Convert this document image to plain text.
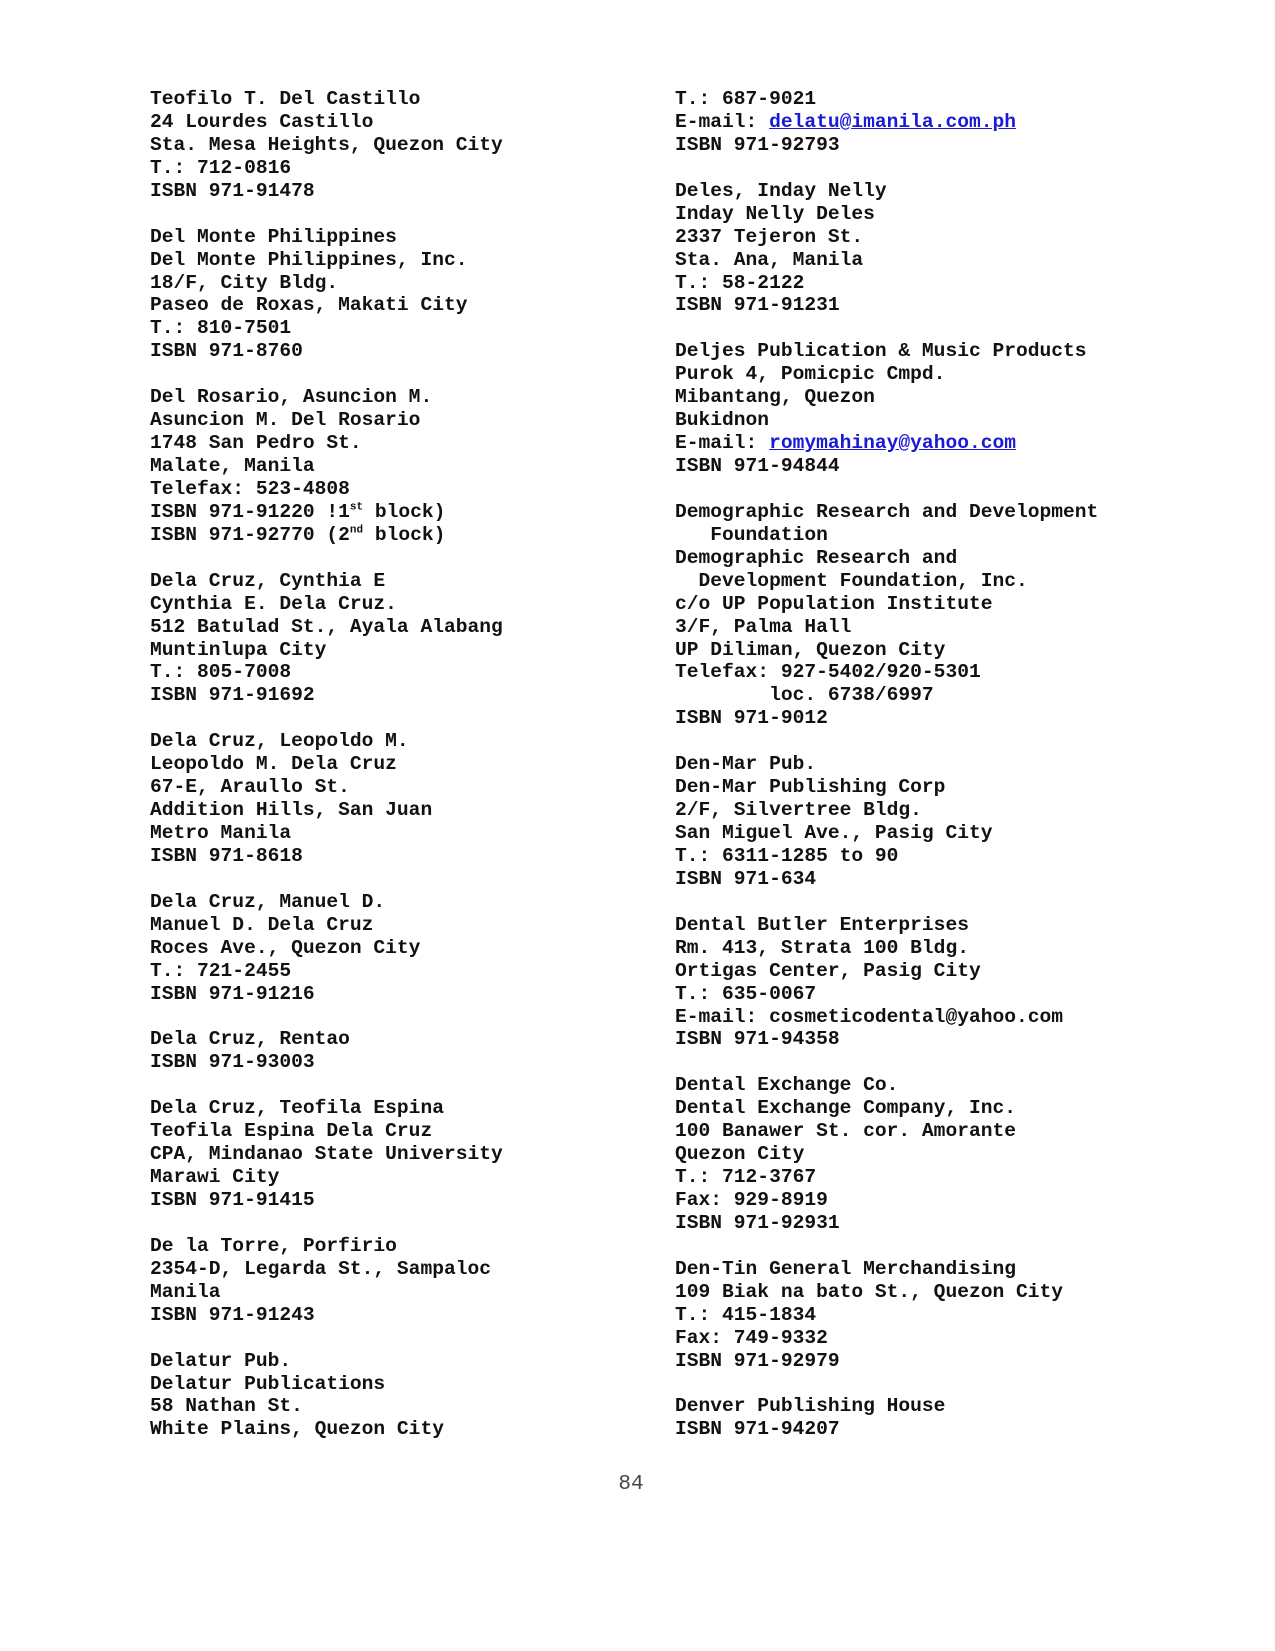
Teofilo T. Del Castillo
24 Lourdes Castillo
Sta. Mesa Heights, Quezon City
T.: 712-0816
ISBN 971-91478
Del Monte Philippines
Del Monte Philippines, Inc.
18/F, City Bldg.
Paseo de Roxas, Makati City
T.: 810-7501
ISBN 971-8760
Del Rosario, Asuncion M.
Asuncion M. Del Rosario
1748 San Pedro St.
Malate, Manila
Telefax: 523-4808
ISBN 971-91220 !1st block)
ISBN 971-92770 (2nd block)
Dela Cruz, Cynthia E
Cynthia E. Dela Cruz.
512 Batulad St., Ayala Alabang
Muntinlupa City
T.: 805-7008
ISBN 971-91692
Dela Cruz, Leopoldo M.
Leopoldo M. Dela Cruz
67-E, Araullo St.
Addition Hills, San Juan
Metro Manila
ISBN 971-8618
Dela Cruz, Manuel D.
Manuel D. Dela Cruz
Roces Ave., Quezon City
T.: 721-2455
ISBN 971-91216
Dela Cruz, Rentao
ISBN 971-93003
Dela Cruz, Teofila Espina
Teofila Espina Dela Cruz
CPA, Mindanao State University
Marawi City
ISBN 971-91415
De la Torre, Porfirio
2354-D, Legarda St., Sampaloc
Manila
ISBN 971-91243
Delatur Pub.
Delatur Publications
58 Nathan St.
White Plains, Quezon City
T.: 687-9021
E-mail: delatu@imanila.com.ph
ISBN 971-92793
Deles, Inday Nelly
Inday Nelly Deles
2337 Tejeron St.
Sta. Ana, Manila
T.: 58-2122
ISBN 971-91231
Deljes Publication & Music Products
Purok 4, Pomicpic Cmpd.
Mibantang, Quezon
Bukidnon
E-mail: romymahinay@yahoo.com
ISBN 971-94844
Demographic Research and Development
Foundation
Demographic Research and
Development Foundation, Inc.
c/o UP Population Institute
3/F, Palma Hall
UP Diliman, Quezon City
Telefax: 927-5402/920-5301
loc. 6738/6997
ISBN 971-9012
Den-Mar Pub.
Den-Mar Publishing Corp
2/F, Silvertree Bldg.
San Miguel Ave., Pasig City
T.: 6311-1285 to 90
ISBN 971-634
Dental Butler Enterprises
Rm. 413, Strata 100 Bldg.
Ortigas Center, Pasig City
T.: 635-0067
E-mail: cosmeticodental@yahoo.com
ISBN 971-94358
Dental Exchange Co.
Dental Exchange Company, Inc.
100 Banawer St. cor. Amorante
Quezon City
T.: 712-3767
Fax: 929-8919
ISBN 971-92931
Den-Tin General Merchandising
109 Biak na bato St., Quezon City
T.: 415-1834
Fax: 749-9332
ISBN 971-92979
Denver Publishing House
ISBN 971-94207
84
